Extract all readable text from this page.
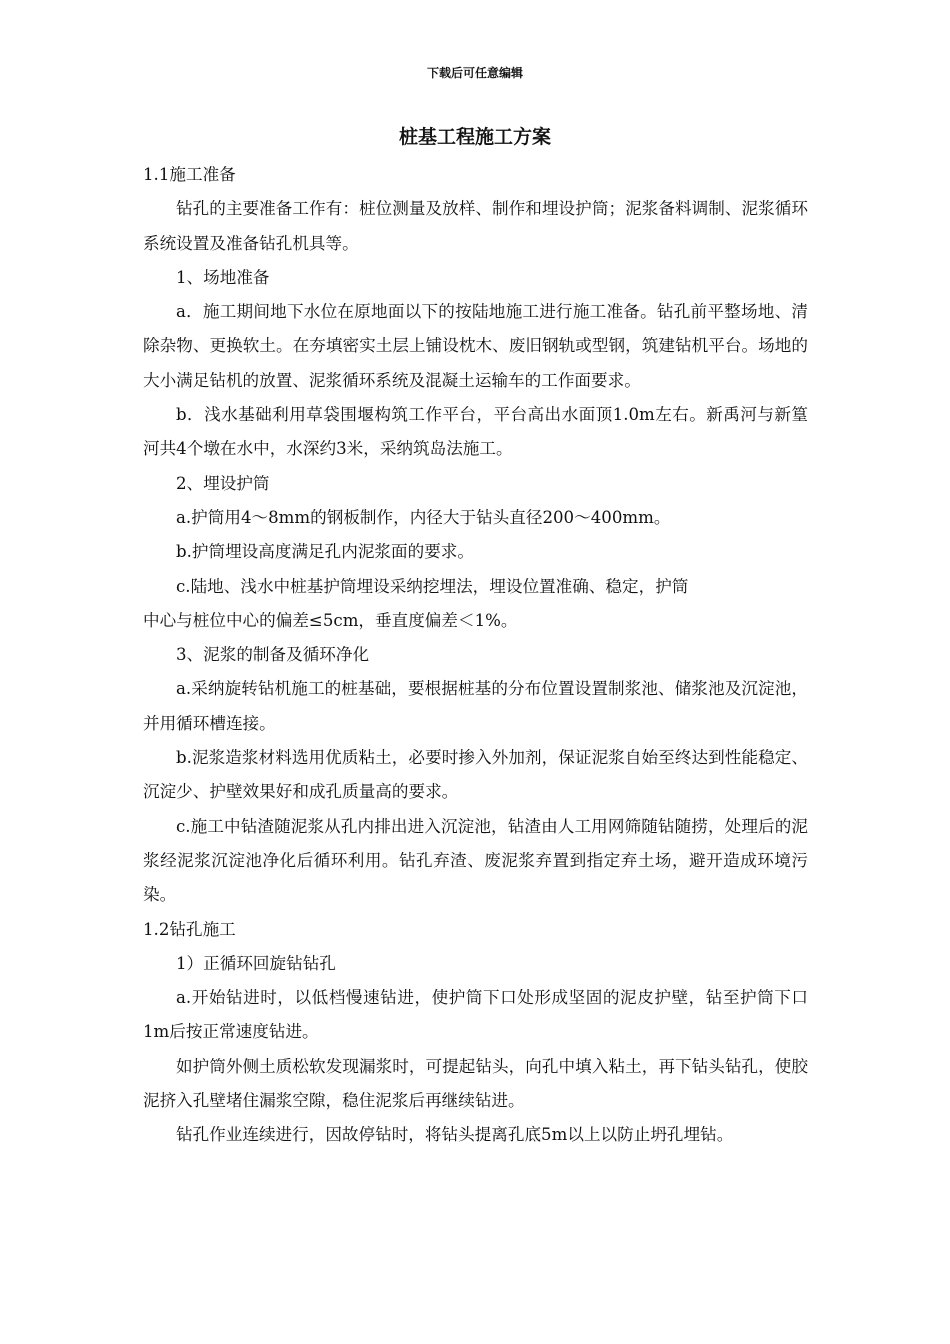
下载后可任意编辑
桩基工程施工方案

1.1施工准备

钻孔的主要准备工作有：桩位测量及放样、制作和埋设护筒；泥浆备料调制、泥浆循环系统设置及准备钻孔机具等。

1、场地准备

a．施工期间地下水位在原地面以下的按陆地施工进行施工准备。钻孔前平整场地、清除杂物、更换软土。在夯填密实土层上铺设枕木、废旧钢轨或型钢，筑建钻机平台。场地的大小满足钻机的放置、泥浆循环系统及混凝土运输车的工作面要求。

b．浅水基础利用草袋围堰构筑工作平台，平台高出水面顶1.0m左右。新禹河与新篁河共4个墩在水中，水深约3米，采纳筑岛法施工。

2、埋设护筒

a.护筒用4～8mm的钢板制作，内径大于钻头直径200～400mm。

b.护筒埋设高度满足孔内泥浆面的要求。

c.陆地、浅水中桩基护筒埋设采纳挖埋法，埋设位置准确、稳定，护筒

中心与桩位中心的偏差≤5cm，垂直度偏差＜1%。

3、泥浆的制备及循环净化

a.采纳旋转钻机施工的桩基础，要根据桩基的分布位置设置制浆池、储浆池及沉淀池，并用循环槽连接。

b.泥浆造浆材料选用优质粘土，必要时掺入外加剂，保证泥浆自始至终达到性能稳定、沉淀少、护壁效果好和成孔质量高的要求。

c.施工中钻渣随泥浆从孔内排出进入沉淀池，钻渣由人工用网筛随钻随捞，处理后的泥浆经泥浆沉淀池净化后循环利用。钻孔弃渣、废泥浆弃置到指定弃土场，避开造成环境污染。

1.2钻孔施工

1）正循环回旋钻钻孔

a.开始钻进时，以低档慢速钻进，使护筒下口处形成坚固的泥皮护壁，钻至护筒下口1m后按正常速度钻进。

如护筒外侧土质松软发现漏浆时，可提起钻头，向孔中填入粘土，再下钻头钻孔，使胶泥挤入孔壁堵住漏浆空隙，稳住泥浆后再继续钻进。

钻孔作业连续进行，因故停钻时，将钻头提离孔底5m以上以防止坍孔埋钻。
